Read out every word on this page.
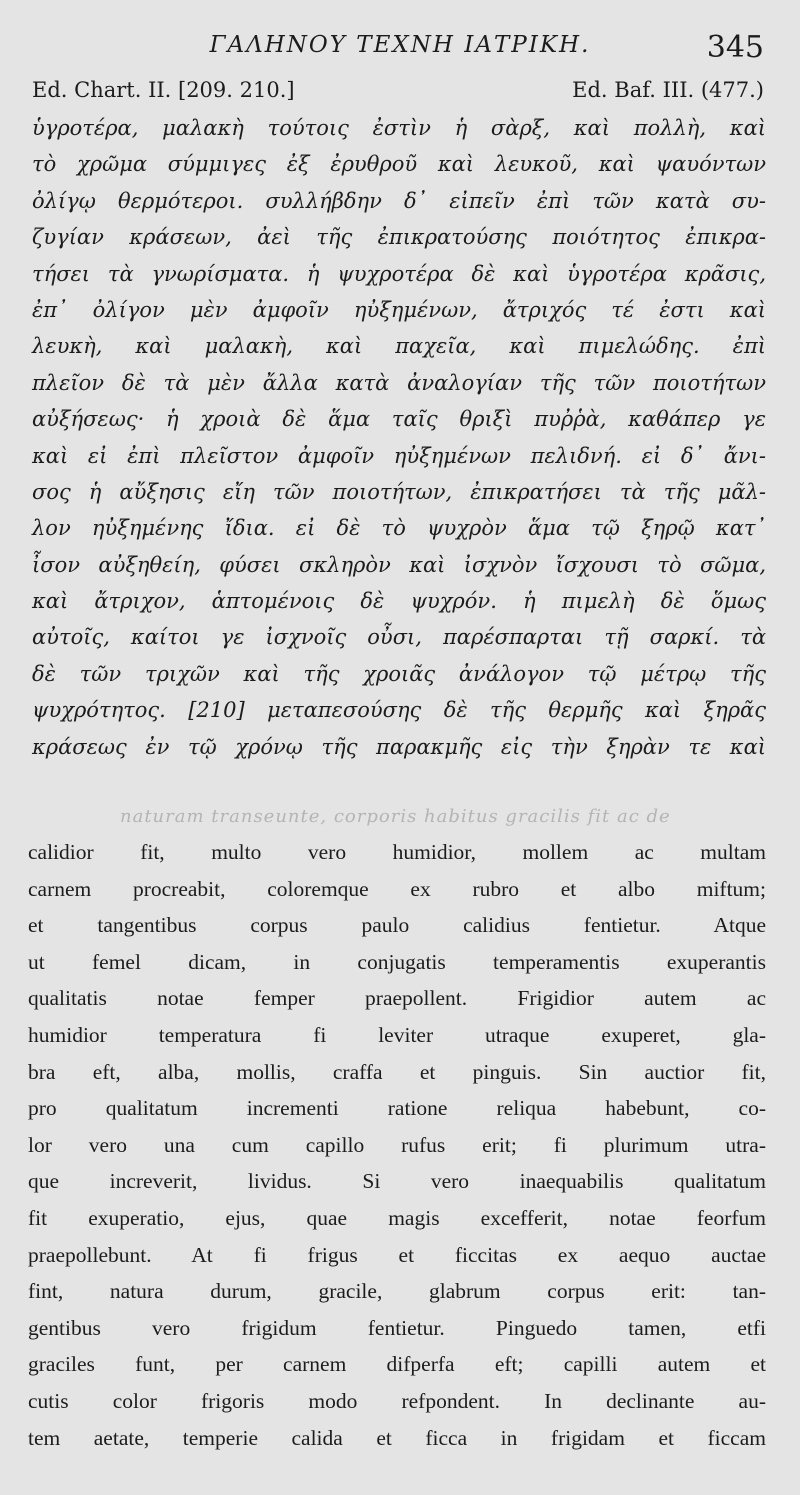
ΓΑΛΗΝΟΥ ΤΕΧΝΗ ΙΑΤΡΙΚΗ.	345
Ed. Chart. II. [209. 210.]	Ed. Baf. III. (477.)
ὑγροτέρα, μαλακὴ τούτοις ἐστὶν ἡ σὰρξ, καὶ πολλὴ, καὶ
τὸ χρῶμα σύμμιγες ἐξ ἐρυθροῦ καὶ λευκοῦ, καὶ ψαυόντων
ὀλίγῳ θερμότεροι. συλλήβδην δ᾽ εἰπεῖν ἐπὶ τῶν κατὰ συ-
ζυγίαν κράσεων, ἀεὶ τῆς ἐπικρατούσης ποιότητος ἐπικρα-
τήσει τὰ γνωρίσματα. ἡ ψυχροτέρα δὲ καὶ ὑγροτέρα κρᾶσις,
ἐπ᾽ ὀλίγον μὲν ἀμφοῖν ηὐξημένων, ἄτριχός τέ ἐστι καὶ
λευκὴ, καὶ μαλακὴ, καὶ παχεῖα, καὶ πιμελώδης. ἐπὶ
πλεῖον δὲ τὰ μὲν ἄλλα κατὰ ἀναλογίαν τῆς τῶν ποιοτήτων
αὐξήσεως· ἡ χροιὰ δὲ ἅμα ταῖς θριξὶ πυῤῥὰ, καθάπερ γε
καὶ εἰ ἐπὶ πλεῖστον ἀμφοῖν ηὐξημένων πελιδνή. εἰ δ᾽ ἄνι-
σος ἡ αὔξησις εἴη τῶν ποιοτήτων, ἐπικρατήσει τὰ τῆς μᾶλ-
λον ηὐξημένης ἴδια. εἰ δὲ τὸ ψυχρὸν ἅμα τῷ ξηρῷ κατ᾽
ἶσον αὐξηθείη, φύσει σκληρὸν καὶ ἰσχνὸν ἴσχουσι τὸ σῶμα,
καὶ ἄτριχον, ἁπτομένοις δὲ ψυχρόν. ἡ πιμελὴ δὲ ὅμως
αὐτοῖς, καίτοι γε ἰσχνοῖς οὖσι, παρέσπαρται τῇ σαρκί. τὰ
δὲ τῶν τριχῶν καὶ τῆς χροιᾶς ἀνάλογον τῷ μέτρῳ τῆς
ψυχρότητος. [210] μεταπεσούσης δὲ τῆς θερμῆς καὶ ξηρᾶς
κράσεως ἐν τῷ χρόνῳ τῆς παρακμῆς εἰς τὴν ξηρὰν τε καὶ
naturam transeunte, corporis habitus gracilis fit ac de
calidior fit, multo vero humidior, mollem ac multam
carnem procreabit, coloremque ex rubro et albo miftum;
et tangentibus corpus paulo calidius fentietur. Atque
ut femel dicam, in conjugatis temperamentis exuperantis
qualitatis notae femper praepollent. Frigidior autem ac
humidior temperatura fi leviter utraque exuperet, gla-
bra eft, alba, mollis, craffa et pinguis. Sin auctior fit,
pro qualitatum incrementi ratione reliqua habebunt, co-
lor vero una cum capillo rufus erit; fi plurimum utra-
que increverit, lividus. Si vero inaequabilis qualitatum
fit exuperatio, ejus, quae magis excefferit, notae feorfum
praepollebunt. At fi frigus et ficcitas ex aequo auctae
fint, natura durum, gracile, glabrum corpus erit: tan-
gentibus vero frigidum fentietur. Pinguedo tamen, etfi
graciles funt, per carnem difperfa eft; capilli autem et
cutis color frigoris modo refpondent. In declinante au-
tem aetate, temperie calida et ficca in frigidam et ficcam
